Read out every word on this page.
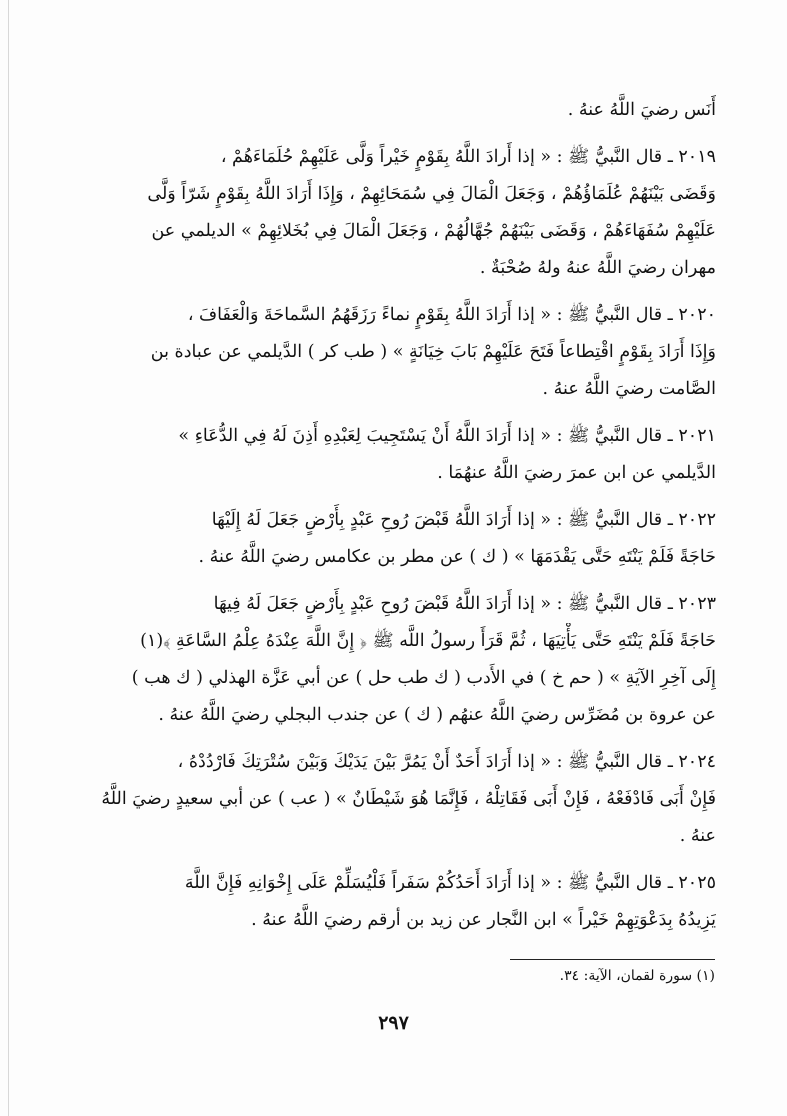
أَنَس رضيَ اللَّهُ عنهُ .
٢٠١٩ ـ قال النَّبيُّ ﷺ : « إذا أَرادَ اللَّهُ بِقَوْمٍ خَيْراً وَلَّى عَلَيْهِمْ حُلَمَاءَهُمْ ،
وَقَضَى بَيْنَهُمْ عُلَمَاؤُهُمْ ، وَجَعَلَ الْمَالَ فِي سُمَحَائِهِمْ ، وَإِذَا أَرَادَ اللَّهُ بِقَوْمٍ شَرّاً وَلَّى
عَلَيْهِمْ سُفَهَاءَهُمْ ، وَقَضَى بَيْنَهُمْ جُهَّالُهُمْ ، وَجَعَلَ الْمَالَ فِي بُخَلائِهِمْ » الديلمي عن
مهران رضيَ اللَّهُ عنهُ ولهُ صُحْبَةٌ .
٢٠٢٠ ـ قال النَّبيُّ ﷺ : « إذا أَرَادَ اللَّهُ بِقَوْمٍ نماءً رَزَقَهُمُ السَّماحَةَ وَالْعَفَافَ ،
وَإِذَا أَرَادَ بِقَوْمٍ اقْتِطاعاً فَتَحَ عَلَيْهِمْ بَابَ خِيَانَةٍ » ( طب كر ) الدَّيلمي عن عبادة بن
الصَّامت رضيَ اللَّهُ عنهُ .
٢٠٢١ ـ قال النَّبيُّ ﷺ : « إذا أَرَادَ اللَّهُ أَنْ يَسْتَجِيبَ لِعَبْدِهِ أَذِنَ لَهُ فِي الدُّعَاءِ »
الدَّيلمي عن ابن عمرَ رضيَ اللَّهُ عنهُمَا .
٢٠٢٢ ـ قال النَّبيُّ ﷺ : « إذا أَرَادَ اللَّهُ قَبْضَ رُوحِ عَبْدٍ بِأَرْضٍ جَعَلَ لَهُ إِلَيْهَا
حَاجَةً فَلَمْ يَنْتَهِ حَتَّى يَقْدَمَهَا » ( ك ) عن مطر بن عكامس رضيَ اللَّهُ عنهُ .
٢٠٢٣ ـ قال النَّبيُّ ﷺ : « إذا أَرَادَ اللَّهُ قَبْضَ رُوحِ عَبْدٍ بِأَرْضٍ جَعَلَ لَهُ فِيهَا
حَاجَةً فَلَمْ يَنْتَهِ حَتَّى يَأْتِيَهَا ، ثُمَّ قَرَأَ رسولُ اللَّه ﷺ ﴿ إِنَّ اللَّهَ عِنْدَهُ عِلْمُ السَّاعَةِ ﴾(١)
إِلَى آخِرِ الآيَةِ » ( حم خ ) في الأَدب ( ك طب حل ) عن أبي عَزَّة الهذلي ( ك هب )
عن عروة بن مُضَرِّس رضيَ اللَّهُ عنهُم ( ك ) عن جندب البجلي رضيَ اللَّهُ عنهُ .
٢٠٢٤ ـ قال النَّبيُّ ﷺ : « إذا أَرَادَ أَحَدٌ أَنْ يَمُرَّ بَيْنَ يَدَيْكَ وَبَيْنَ سُتْرَتِكَ فَارْدُدْهُ ،
فَإِنْ أَبَى فَادْفَعْهُ ، فَإِنْ أَبَى فَقَاتِلْهُ ، فَإِنَّمَا هُوَ شَيْطَانٌ » ( عب ) عن أبي سعيدٍ رضيَ اللَّهُ
عنهُ .
٢٠٢٥ ـ قال النَّبيُّ ﷺ : « إذا أَرَادَ أَحَدُكُمْ سَفَراً فَلْيُسَلِّمْ عَلَى إِخْوَانِهِ فَإِنَّ اللَّهَ
يَزِيدُهُ بِدَعْوَتِهِمْ خَيْراً » ابن النَّجار عن زيد بن أرقم رضيَ اللَّهُ عنهُ .
(١) سورة لقمان، الآية: ٣٤.
٢٩٧
